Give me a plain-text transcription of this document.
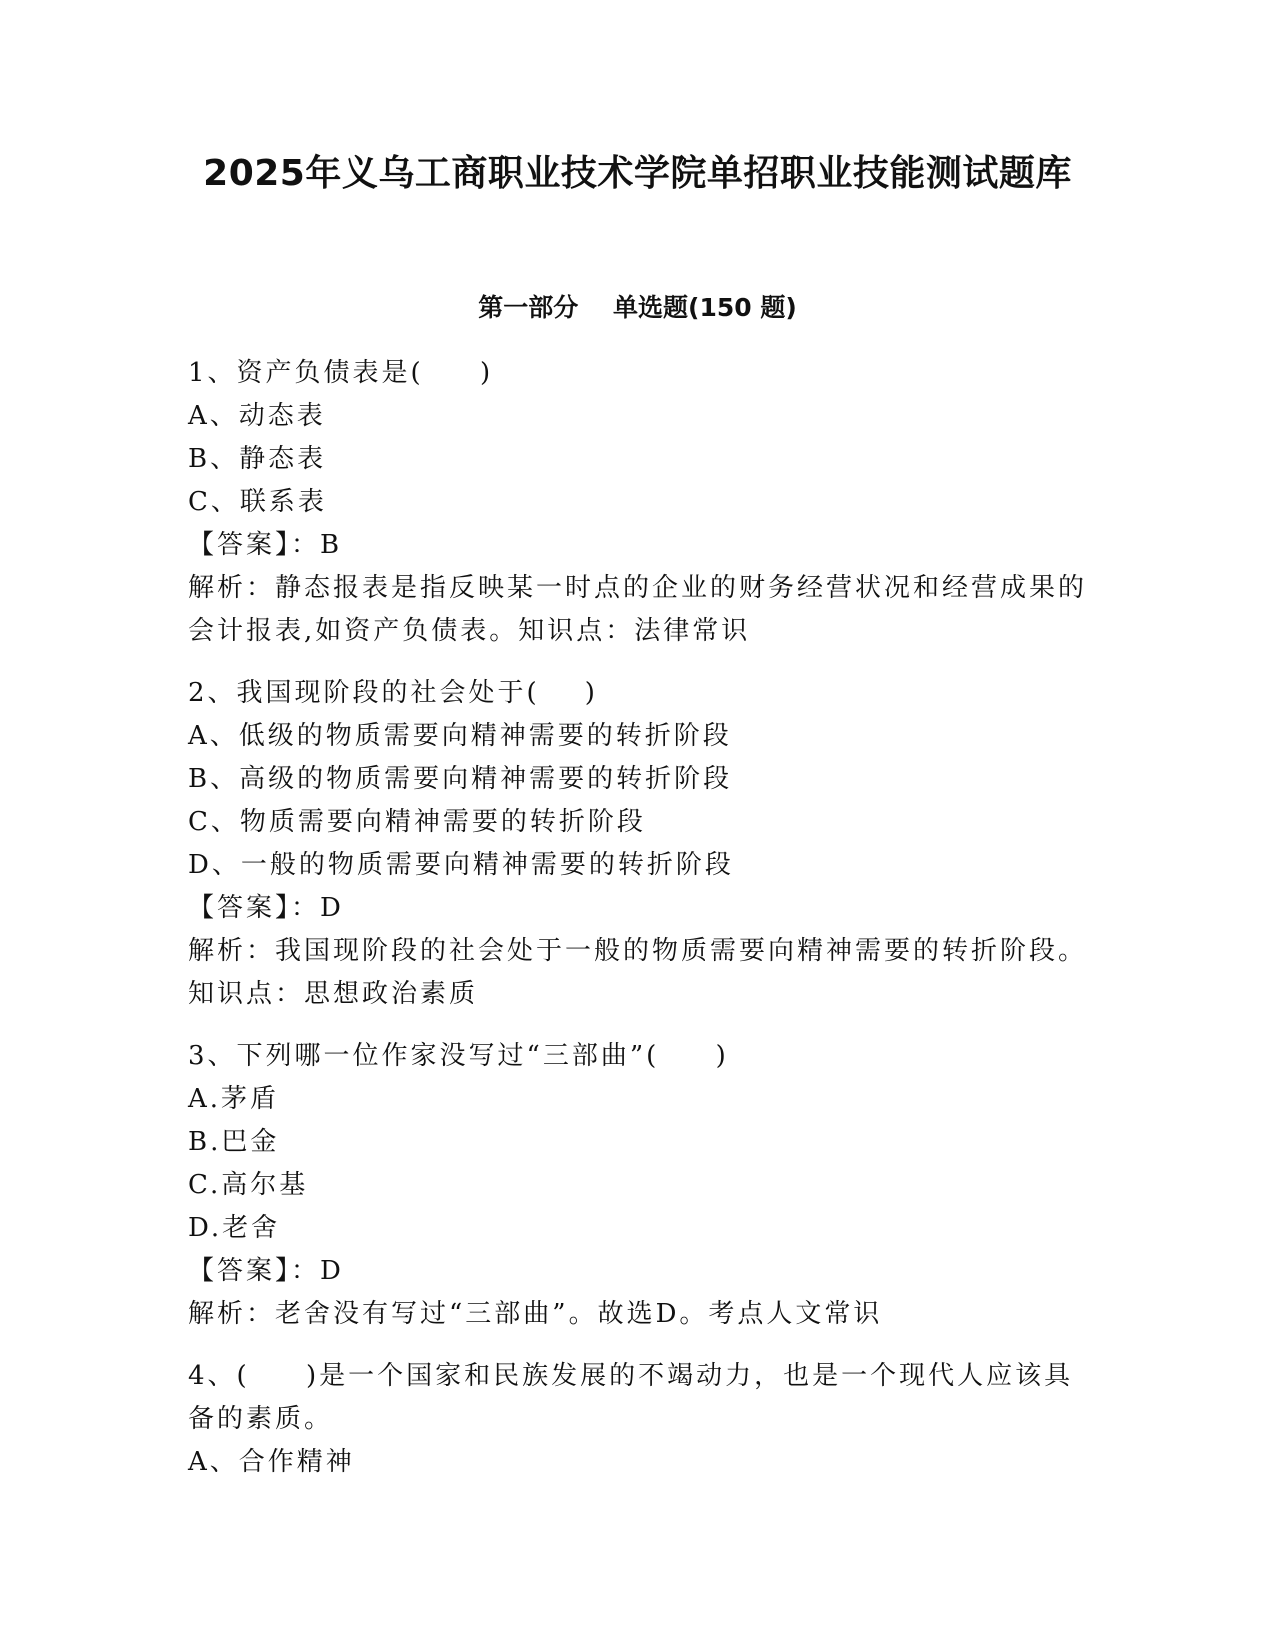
2025年义乌工商职业技术学院单招职业技能测试题库
第一部分    单选题(150 题)

1、资产负债表是(     )

A、动态表

B、静态表

C、联系表

【答案】：B

解析：静态报表是指反映某一时点的企业的财务经营状况和经营成果的会计报表,如资产负债表。知识点：法律常识

2、我国现阶段的社会处于(    )

A、低级的物质需要向精神需要的转折阶段

B、高级的物质需要向精神需要的转折阶段

C、物质需要向精神需要的转折阶段

D、一般的物质需要向精神需要的转折阶段

【答案】：D

解析：我国现阶段的社会处于一般的物质需要向精神需要的转折阶段。知识点：思想政治素质

3、下列哪一位作家没写过“三部曲”(     )

A.茅盾

B.巴金

C.高尔基

D.老舍

【答案】：D

解析：老舍没有写过“三部曲”。故选D。考点人文常识

4、(     )是一个国家和民族发展的不竭动力，也是一个现代人应该具备的素质。

A、合作精神
